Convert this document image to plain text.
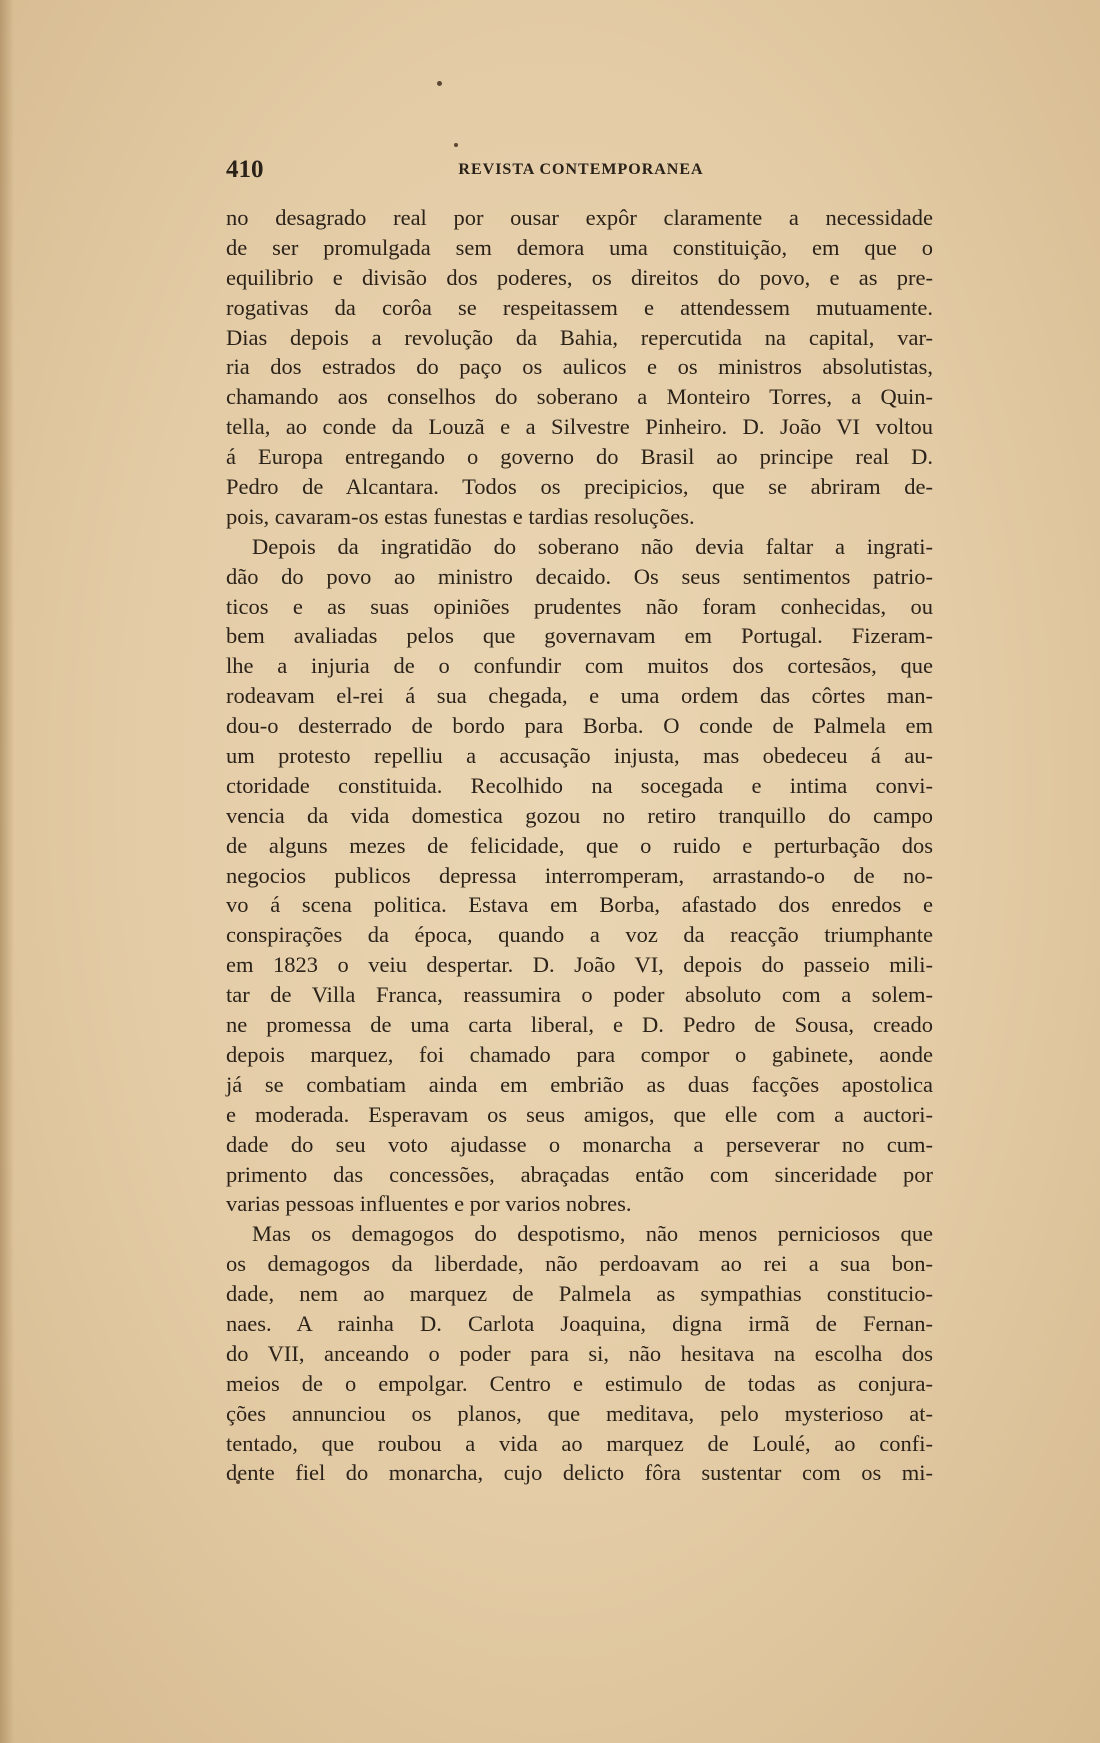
410	REVISTA CONTEMPORANEA
no desagrado real por ousar expôr claramente a necessidade
de ser promulgada sem demora uma constituição, em que o
equilibrio e divisão dos poderes, os direitos do povo, e as pre-
rogativas da corôa se respeitassem e attendessem mutuamente.
Dias depois a revolução da Bahia, repercutida na capital, var-
ria dos estrados do paço os aulicos e os ministros absolutistas,
chamando aos conselhos do soberano a Monteiro Torres, a Quin-
tella, ao conde da Louzã e a Silvestre Pinheiro. D. João VI voltou
á Europa entregando o governo do Brasil ao principe real D.
Pedro de Alcantara. Todos os precipicios, que se abriram de-
pois, cavaram-os estas funestas e tardias resoluções.
Depois da ingratidão do soberano não devia faltar a ingrati-
dão do povo ao ministro decaido. Os seus sentimentos patrio-
ticos e as suas opiniões prudentes não foram conhecidas, ou
bem avaliadas pelos que governavam em Portugal. Fizeram-
lhe a injuria de o confundir com muitos dos cortesãos, que
rodeavam el-rei á sua chegada, e uma ordem das côrtes man-
dou-o desterrado de bordo para Borba. O conde de Palmela em
um protesto repelliu a accusação injusta, mas obedeceu á au-
ctoridade constituida. Recolhido na socegada e intima convi-
vencia da vida domestica gozou no retiro tranquillo do campo
de alguns mezes de felicidade, que o ruido e perturbação dos
negocios publicos depressa interromperam, arrastando-o de no-
vo á scena politica. Estava em Borba, afastado dos enredos e
conspirações da época, quando a voz da reacção triumphante
em 1823 o veiu despertar. D. João VI, depois do passeio mili-
tar de Villa Franca, reassumira o poder absoluto com a solem-
ne promessa de uma carta liberal, e D. Pedro de Sousa, creado
depois marquez, foi chamado para compor o gabinete, aonde
já se combatiam ainda em embrião as duas facções apostolica
e moderada. Esperavam os seus amigos, que elle com a auctori-
dade do seu voto ajudasse o monarcha a perseverar no cum-
primento das concessões, abraçadas então com sinceridade por
varias pessoas influentes e por varios nobres.
Mas os demagogos do despotismo, não menos perniciosos que
os demagogos da liberdade, não perdoavam ao rei a sua bon-
dade, nem ao marquez de Palmela as sympathias constitucio-
naes. A rainha D. Carlota Joaquina, digna irmã de Fernan-
do VII, anceando o poder para si, não hesitava na escolha dos
meios de o empolgar. Centro e estimulo de todas as conjura-
ções annunciou os planos, que meditava, pelo mysterioso at-
tentado, que roubou a vida ao marquez de Loulé, ao confi-
dente fiel do monarcha, cujo delicto fôra sustentar com os mi-
